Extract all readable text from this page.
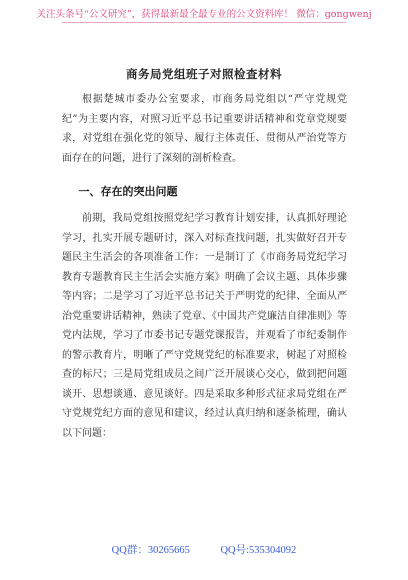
关注头条号“公文研究”，获得最新最全最专业的公文资料库！ 微信：gongwenj
商务局党组班子对照检查材料

根据楚城市委办公室要求，市商务局党组以“严守党规党纪”为主要内容，对照习近平总书记重要讲话精神和党章党规要求，对党组在强化党的领导、履行主体责任、贯彻从严治党等方面存在的问题，进行了深刻的剖析检查。

一、存在的突出问题

前期，我局党组按照党纪学习教育计划安排，认真抓好理论学习，扎实开展专题研讨，深入对标查找问题，扎实做好召开专题民主生活会的各项准备工作：一是制订了《市商务局党纪学习教育专题教育民主生活会实施方案》明确了会议主题、具体步骤等内容；二是学习了习近平总书记关于严明党的纪律、全面从严治党重要讲话精神，熟读了党章、《中国共产党廉洁自律准则》等党内法规，学习了市委书记专题党课报告，并观看了市纪委制作的警示教育片，明晰了严守党规党纪的标准要求，树起了对照检查的标尺；三是局党组成员之间广泛开展谈心交心，做到把问题谈开、思想谈通、意见谈好。四是采取多种形式征求局党组在严守党规党纪方面的意见和建议，经过认真归纳和逐条梳理，确认以下问题：

QQ群：30265665	QQ号:535304092
